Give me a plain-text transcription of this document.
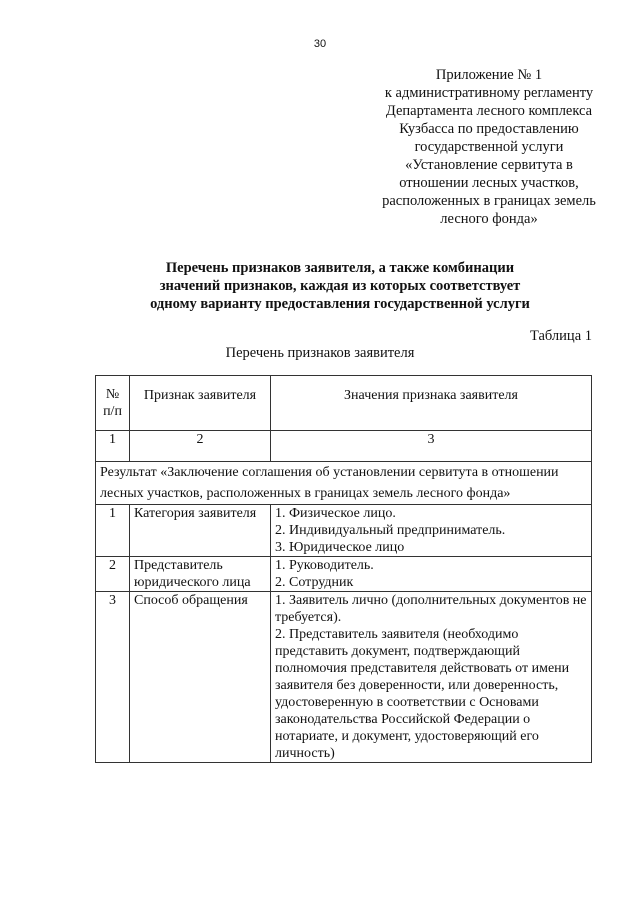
30
Приложение № 1
к административному регламенту
Департамента лесного комплекса
Кузбасса по предоставлению
государственной услуги
«Установление сервитута в
отношении лесных участков,
расположенных в границах земель
лесного фонда»
Перечень признаков заявителя, а также комбинации
значений признаков, каждая из которых соответствует
одному варианту предоставления государственной услуги
Таблица 1
Перечень признаков заявителя
№
п/п	Признак заявителя	Значения признака заявителя
1	2	3
Результат «Заключение соглашения об установлении сервитута в отношении лесных участков, расположенных в границах земель лесного фонда»		
1	Категория заявителя	1. Физическое лицо.
2. Индивидуальный предприниматель.
3. Юридическое лицо

2	Представитель юридического лица	1. Руководитель.
2. Сотрудник

3	Способ обращения	1. Заявитель лично (дополнительных документов не требуется).
2. Представитель заявителя (необходимо представить документ, подтверждающий полномочия представителя действовать от имени заявителя без доверенности, или доверенность, удостоверенную в соответствии с Основами законодательства Российской Федерации о нотариате, и документ, удостоверяющий его личность)
